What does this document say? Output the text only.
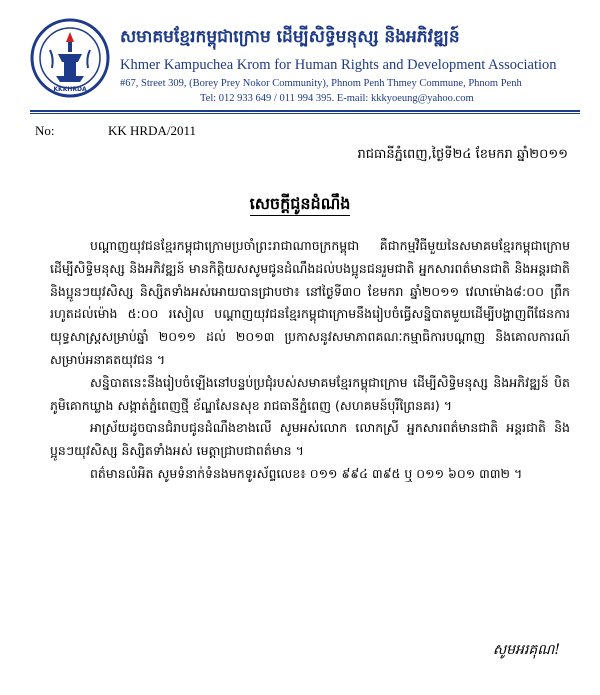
KKKHRDA
សមាគមខ្មែរកម្ពុជាក្រោម ដើម្បីសិទ្ធិមនុស្ស និងអភិវឌ្ឍន៍
Khmer Kampuchea Krom for Human Rights and Development Association
#67, Street 309, (Borey Prey Nokor Community), Phnom Penh Thmey Commune, Phnom Penh
Tel: 012 933 649 / 011 994 395. E-mail: kkkyoeung@yahoo.com
No:	KK HRDA/2011
រាជធានីភ្នំពេញ,ថ្ងៃទី២៤ ខែមករា ឆ្នាំ២០១១
សេចក្ដីជូនដំណឹង

បណ្ដាញយុវជនខ្មែរកម្ពុជាក្រោមប្រចាំព្រះរាជាណាចក្រកម្ពុជា គឺជាកម្មវិធីមួយនៃសមាគមខ្មែរកម្ពុជាក្រោម ដើម្បីសិទ្ធិមនុស្ស និងអភិវឌ្ឍន៍ មានកិត្តិយសសូមជូនដំណឹងដល់បងប្អូនជនរួមជាតិ អ្នកសារពត៌មានជាតិ និងអន្តរជាតិ និងប្អូនៗយុវសិស្ស និស្សិតទាំងអស់អោយបានជ្រាបថា៖ នៅថ្ងៃទី៣០ ខែមករា ឆ្នាំ២០១១ វេលាម៉ោង៨:០០ ព្រឹករហូតដល់ម៉ោង ៥:០០ រសៀល បណ្ដាញយុវជនខ្មែរកម្ពុជាក្រោមនឹងរៀបចំធ្វើសន្និបាតមួយដើម្បីបង្ហាញពីផែនការយុទ្ធសាស្ត្រសម្រាប់ឆ្នាំ ២០១១ ដល់ ២០១៣ ប្រកាសនូវសមាភាពគណៈកម្មាធិការបណ្ដាញ និងគោលការណ៍សម្រាប់អនាគតយុវជន ។

សន្និបាតនេះនឹងរៀបចំឡើងនៅបន្ទប់ប្រជុំរបស់សមាគមខ្មែរកម្ពុជាក្រោម ដើម្បីសិទ្ធិមនុស្ស និងអភិវឌ្ឍន៍ បិតភូមិគោកឃ្លាង សង្កាត់ភ្នំពេញថ្មី ខ័ណ្ឌសែនសុខ រាជធានីភ្នំពេញ (សហគមន៍បុរីព្រៃនគរ) ។

អាស្រ័យដូចបានជំរាបជូនដំណឹងខាងលើ សូមអស់លោក លោកស្រី អ្នកសារពត៌មានជាតិ អន្តរជាតិ និងប្អូនៗយុវសិស្ស និស្សិតទាំងអស់ មេត្តាជ្រាបជាពត៌មាន ។

ពត៌មានលំអិត សូមទំនាក់ទំនងមកទូរស័ព្ទលេខ៖ ០១១ ៩៩៤ ៣៩៥ ឬ ០១១ ៦០១ ៣៣២ ។

សូមអរគុណ!
